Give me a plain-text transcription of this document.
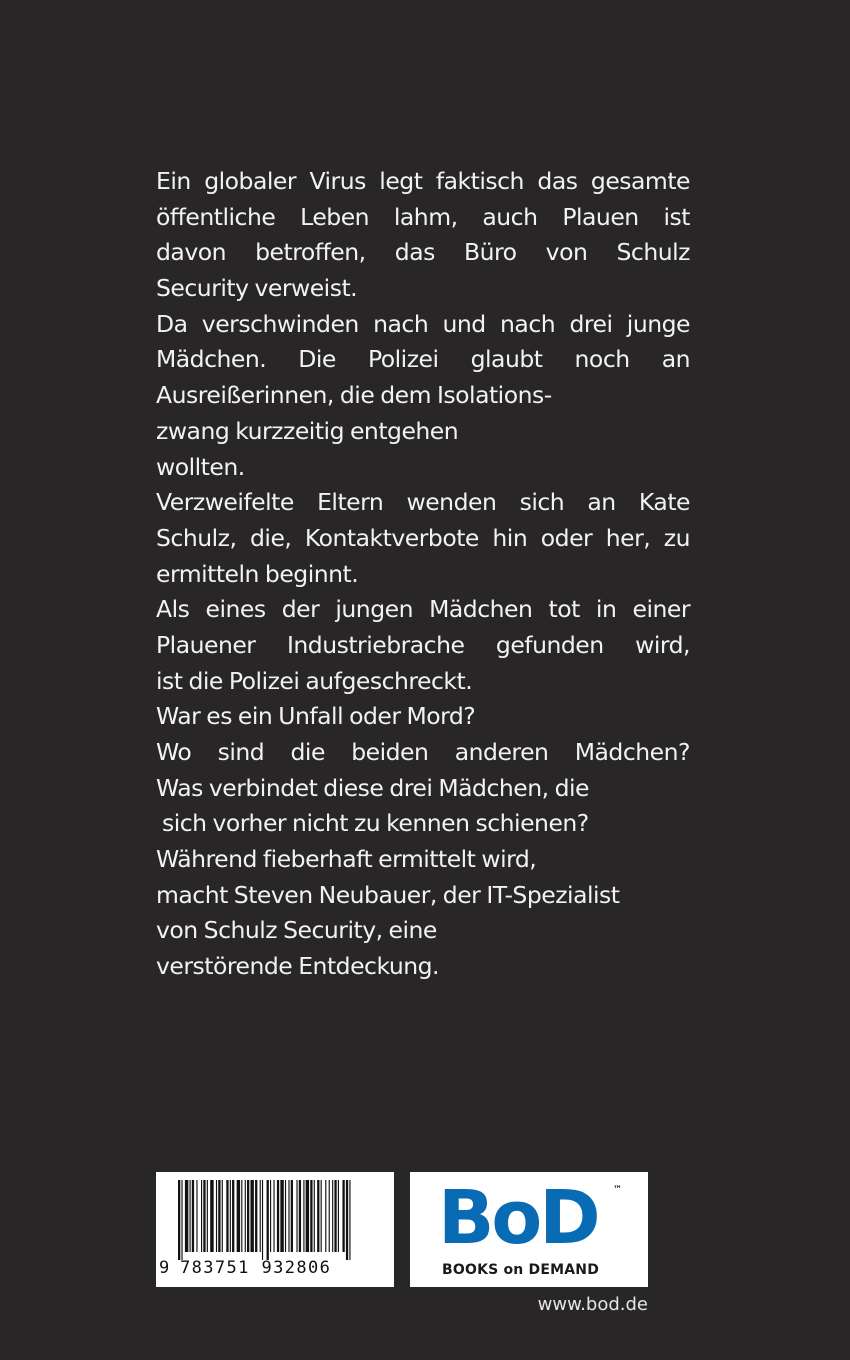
Ein globaler Virus legt faktisch das gesamte
öffentliche Leben lahm, auch Plauen ist
davon betroffen, das Büro von Schulz
Security verweist.
Da verschwinden nach und nach drei junge
Mädchen. Die Polizei glaubt noch an
Ausreißerinnen, die dem Isolations-
zwang kurzzeitig entgehen
wollten.
Verzweifelte Eltern wenden sich an Kate
Schulz, die, Kontaktverbote hin oder her, zu
ermitteln beginnt.
Als eines der jungen Mädchen tot in einer
Plauener Industriebrache gefunden wird,
ist die Polizei aufgeschreckt.
War es ein Unfall oder Mord?
Wo sind die beiden anderen Mädchen?
Was verbindet diese drei Mädchen, die
sich vorher nicht zu kennen schienen?
Während fieberhaft ermittelt wird,
macht Steven Neubauer, der IT-Spezialist
von Schulz Security, eine
verstörende Entdeckung.
9 783751 932806
BoD ™
BOOKS on DEMAND
www.bod.de
